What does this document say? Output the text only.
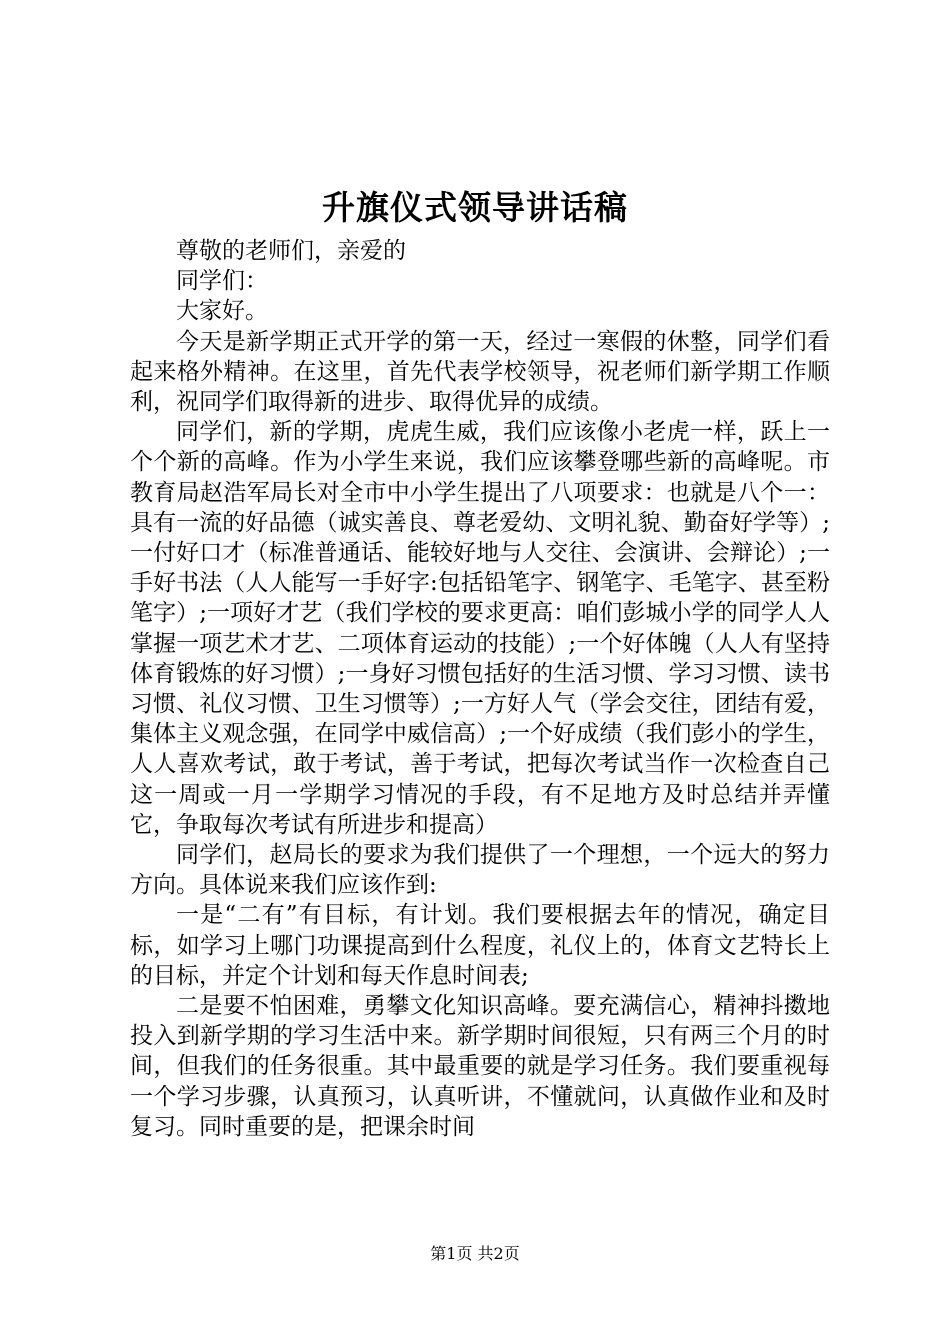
升旗仪式领导讲话稿

尊敬的老师们，亲爱的

同学们：

大家好。

今天是新学期正式开学的第一天，经过一寒假的休整，同学们看起来格外精神。在这里，首先代表学校领导，祝老师们新学期工作顺利，祝同学们取得新的进步、取得优异的成绩。

同学们，新的学期，虎虎生威，我们应该像小老虎一样，跃上一个个新的高峰。作为小学生来说，我们应该攀登哪些新的高峰呢。市教育局赵浩军局长对全市中小学生提出了八项要求：也就是八个一：具有一流的好品德（诚实善良、尊老爱幼、文明礼貌、勤奋好学等）;一付好口才（标准普通话、能较好地与人交往、会演讲、会辩论）;一手好书法（人人能写一手好字:包括铅笔字、钢笔字、毛笔字、甚至粉笔字）;一项好才艺（我们学校的要求更高：咱们彭城小学的同学人人掌握一项艺术才艺、二项体育运动的技能）;一个好体魄（人人有坚持体育锻炼的好习惯）;一身好习惯包括好的生活习惯、学习习惯、读书习惯、礼仪习惯、卫生习惯等）;一方好人气（学会交往，团结有爱，集体主义观念强，在同学中威信高）;一个好成绩（我们彭小的学生，人人喜欢考试，敢于考试，善于考试，把每次考试当作一次检查自己这一周或一月一学期学习情况的手段，有不足地方及时总结并弄懂它，争取每次考试有所进步和提高）

同学们，赵局长的要求为我们提供了一个理想，一个远大的努力方向。具体说来我们应该作到:

一是“二有”有目标，有计划。我们要根据去年的情况，确定目标，如学习上哪门功课提高到什么程度，礼仪上的，体育文艺特长上的目标，并定个计划和每天作息时间表;

二是要不怕困难，勇攀文化知识高峰。要充满信心，精神抖擞地投入到新学期的学习生活中来。新学期时间很短，只有两三个月的时间，但我们的任务很重。其中最重要的就是学习任务。我们要重视每一个学习步骤，认真预习，认真听讲，不懂就问，认真做作业和及时复习。同时重要的是，把课余时间

第1页 共2页
